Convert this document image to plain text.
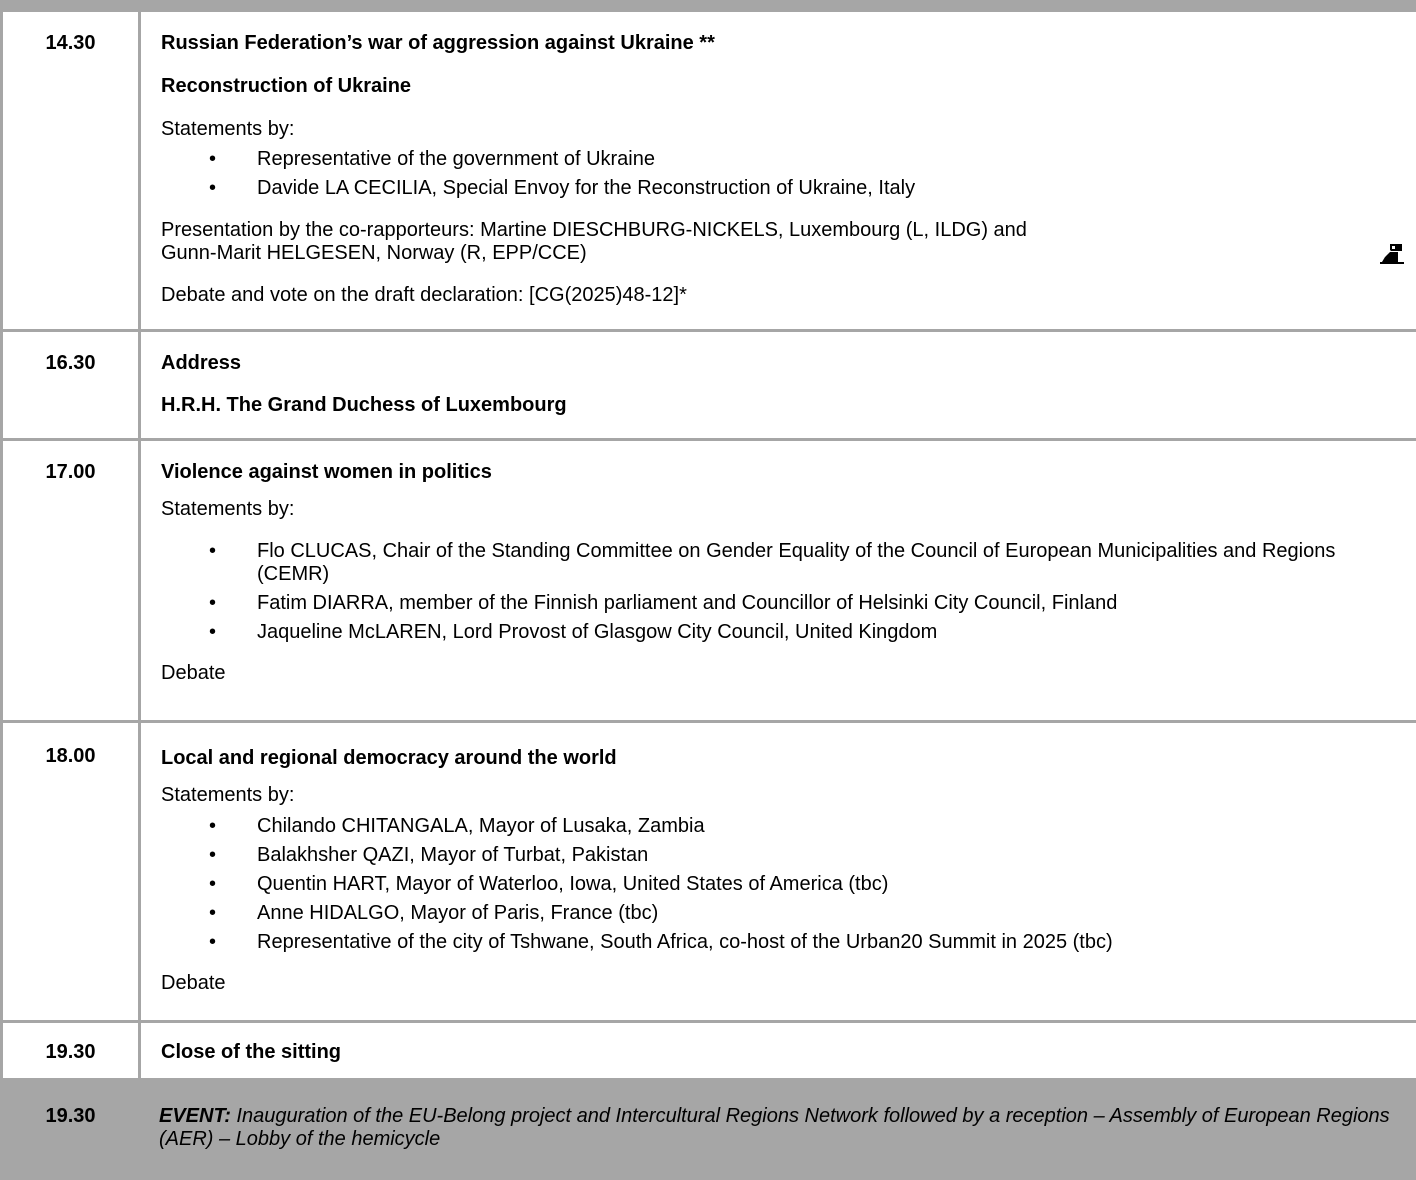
14.30	Russian Federation’s war of aggression against Ukraine **

Reconstruction of Ukraine

Statements by:

• Representative of the government of Ukraine
• Davide LA CECILIA, Special Envoy for the Reconstruction of Ukraine, Italy

Presentation by the co-rapporteurs: Martine DIESCHBURG-NICKELS, Luxembourg (L, ILDG) and
Gunn-Marit HELGESEN, Norway (R, EPP/CCE)

Debate and vote on the draft declaration: [CG(2025)48-12]*

16.30	Address

H.R.H. The Grand Duchess of Luxembourg

17.00	Violence against women in politics

Statements by:

• Flo CLUCAS, Chair of the Standing Committee on Gender Equality of the Council of European Municipalities and Regions (CEMR)
• Fatim DIARRA, member of the Finnish parliament and Councillor of Helsinki City Council, Finland
• Jaqueline McLAREN, Lord Provost of Glasgow City Council, United Kingdom

Debate

18.00	Local and regional democracy around the world

Statements by:

• Chilando CHITANGALA, Mayor of Lusaka, Zambia
• Balakhsher QAZI, Mayor of Turbat, Pakistan
• Quentin HART, Mayor of Waterloo, Iowa, United States of America (tbc)
• Anne HIDALGO, Mayor of Paris, France (tbc)
• Representative of the city of Tshwane, South Africa, co-host of the Urban20 Summit in 2025 (tbc)

Debate

19.30	Close of the sitting

19.30	EVENT: Inauguration of the EU-Belong project and Intercultural Regions Network followed by a reception – Assembly of European Regions (AER) – Lobby of the hemicycle
